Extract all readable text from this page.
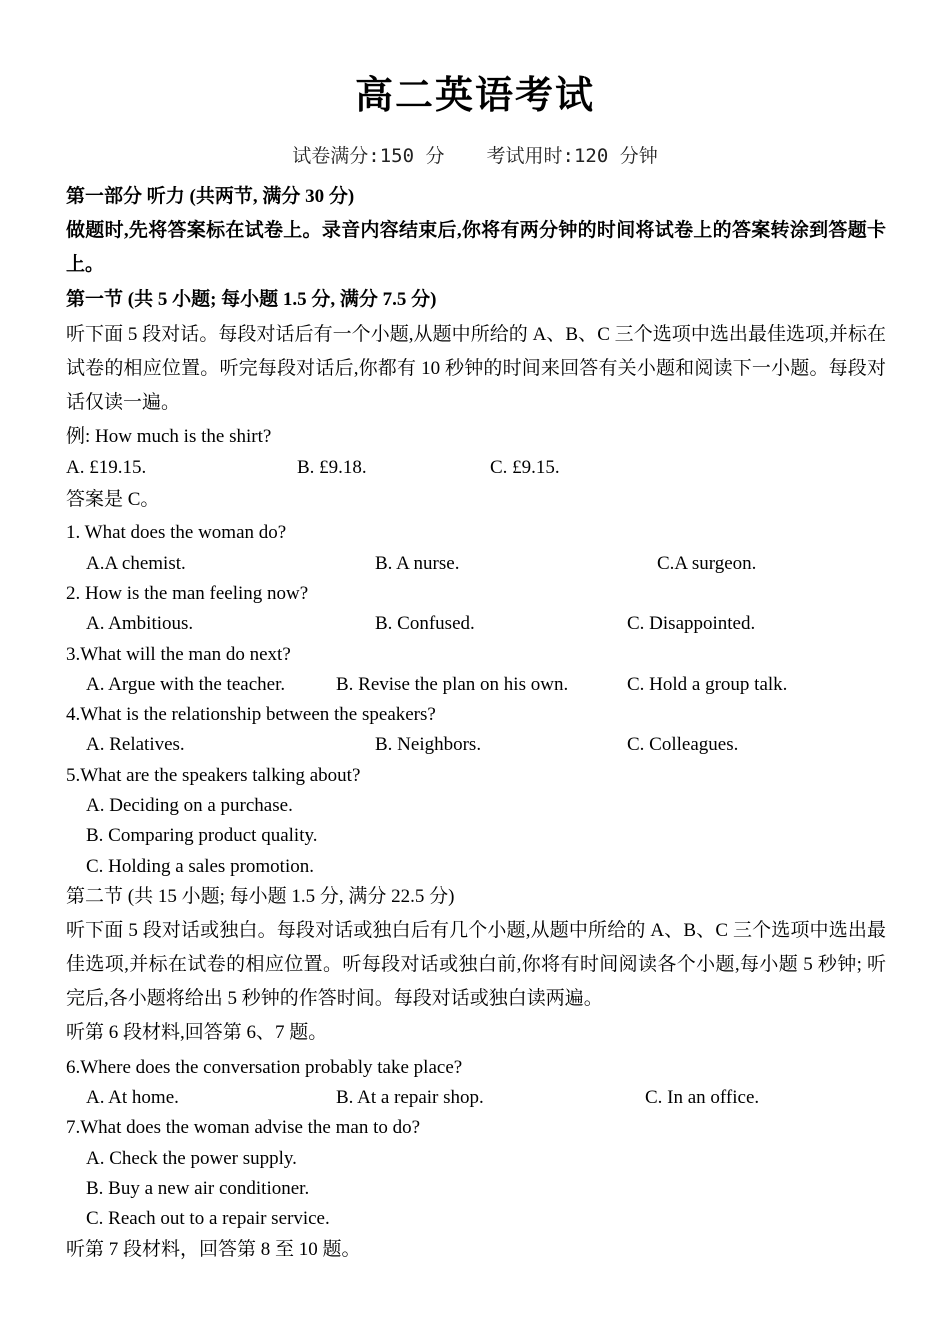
高二英语考试
试卷满分:150 分 考试用时:120 分钟
第一部分 听力 (共两节, 满分 30 分)
做题时,先将答案标在试卷上。录音内容结束后,你将有两分钟的时间将试卷上的答案转涂到答题卡上。
第一节 (共 5 小题; 每小题 1.5 分, 满分 7.5 分)
听下面 5 段对话。每段对话后有一个小题,从题中所给的 A、B、C 三个选项中选出最佳选项,并标在试卷的相应位置。听完每段对话后,你都有 10 秒钟的时间来回答有关小题和阅读下一小题。每段对话仅读一遍。
例: How much is the shirt?
A. £19.15.	B. £9.18.	C. £9.15.
答案是 C。
1. What does the woman do?
A.A chemist.	B. A nurse.	C.A surgeon.
2. How is the man feeling now?
A. Ambitious.	B. Confused.	C. Disappointed.
3.What will the man do next?
A. Argue with the teacher.	B. Revise the plan on his own.	C. Hold a group talk.
4.What is the relationship between the speakers?
A. Relatives.	B. Neighbors.	C. Colleagues.
5.What are the speakers talking about?
A. Deciding on a purchase.
B. Comparing product quality.
C. Holding a sales promotion.
第二节 (共 15 小题; 每小题 1.5 分, 满分 22.5 分)
听下面 5 段对话或独白。每段对话或独白后有几个小题,从题中所给的 A、B、C 三个选项中选出最佳选项,并标在试卷的相应位置。听每段对话或独白前,你将有时间阅读各个小题,每小题 5 秒钟; 听完后,各小题将给出 5 秒钟的作答时间。每段对话或独白读两遍。
听第 6 段材料,回答第 6、7 题。
6.Where does the conversation probably take place?
A. At home.	B. At a repair shop.	C. In an office.
7.What does the woman advise the man to do?
A. Check the power supply.
B. Buy a new air conditioner.
C. Reach out to a repair service.
听第 7 段材料，回答第 8 至 10 题。
